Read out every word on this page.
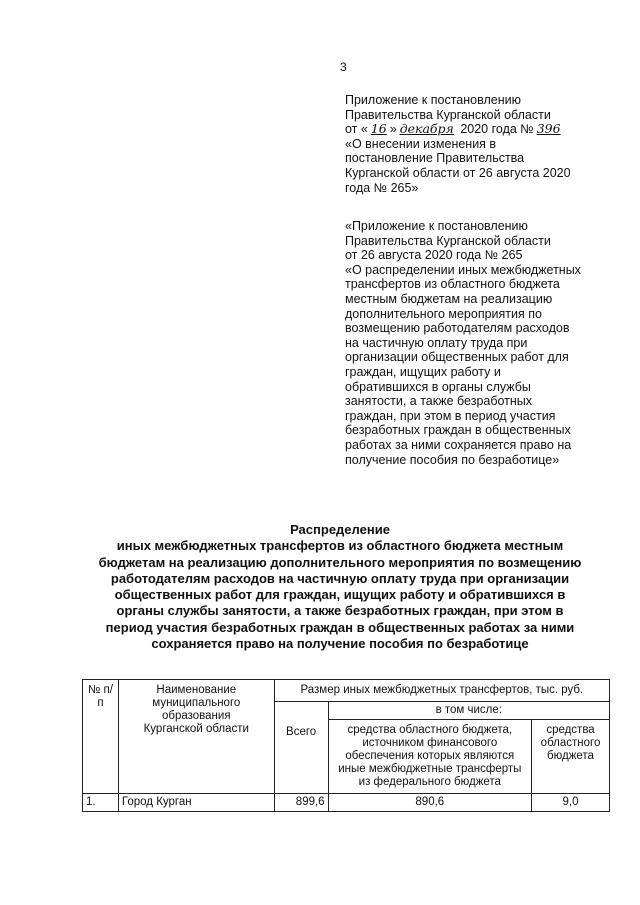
3
Приложение к постановлению
Правительства Курганской области
от « 16 » декабря 2020 года № 396
«О внесении изменения в
постановление Правительства
Курганской области от 26 августа 2020
года № 265»
«Приложение к постановлению
Правительства Курганской области
от 26 августа 2020 года № 265
«О распределении иных межбюджетных
трансфертов из областного бюджета
местным бюджетам на реализацию
дополнительного мероприятия по
возмещению работодателям расходов
на частичную оплату труда при
организации общественных работ для
граждан, ищущих работу и
обратившихся в органы службы
занятости, а также безработных
граждан, при этом в период участия
безработных граждан в общественных
работах за ними сохраняется право на
получение пособия по безработице»
Распределение
иных межбюджетных трансфертов из областного бюджета местным
бюджетам на реализацию дополнительного мероприятия по возмещению
работодателям расходов на частичную оплату труда при организации
общественных работ для граждан, ищущих работу и обратившихся в
органы службы занятости, а также безработных граждан, при этом в
период участия безработных граждан в общественных работах за ними
сохраняется право на получение пособия по безработице
№ п/п	Наименование муниципального образования Курганской области	Размер иных межбюджетных трансфертов, тыс. руб.		
		Всего	в том числе:	
			средства областного бюджета, источником финансового обеспечения которых являются иные межбюджетные трансферты из федерального бюджета	средства областного бюджета
1.	Город Курган	899,6	890,6	9,0
